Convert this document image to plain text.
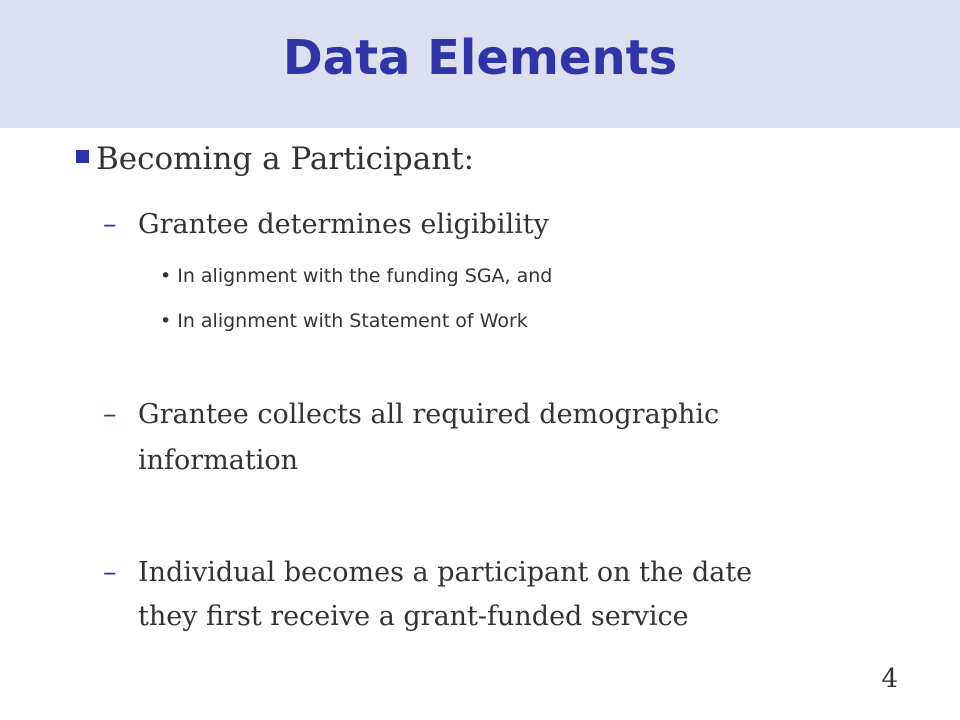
Data Elements

Becoming a Participant:

– Grantee determines eligibility

• In alignment with the funding SGA, and

• In alignment with Statement of Work

– Grantee collects all required demographic

information

– Individual becomes a participant on the date

they first receive a grant-funded service

4
